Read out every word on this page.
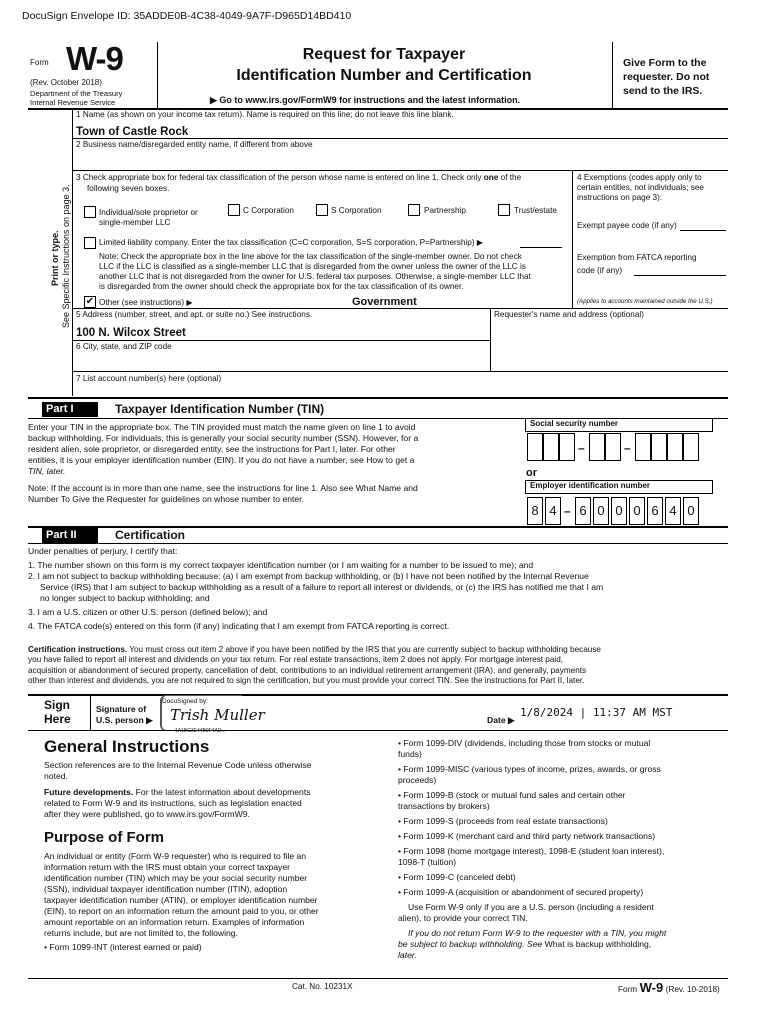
DocuSign Envelope ID: 35ADDE0B-4C38-4049-9A7F-D965D14BD410
Form W-9
(Rev. October 2018)
Department of the Treasury
Internal Revenue Service
Request for Taxpayer
Identification Number and Certification
▶ Go to www.irs.gov/FormW9 for instructions and the latest information.
Give Form to the
requester. Do not
send to the IRS.
Print or type. See Specific Instructions on page 3.
1 Name (as shown on your income tax return). Name is required on this line; do not leave this line blank.
Town of Castle Rock
2 Business name/disregarded entity name, if different from above
3 Check appropriate box for federal tax classification of the person whose name is entered on line 1. Check only one of the
following seven boxes.
Individual/sole proprietor or
single-member LLC
C Corporation	S Corporation	Partnership	Trust/estate
Limited liability company. Enter the tax classification (C=C corporation, S=S corporation, P=Partnership) ▶
Note: Check the appropriate box in the line above for the tax classification of the single-member owner. Do not check
LLC if the LLC is classified as a single-member LLC that is disregarded from the owner unless the owner of the LLC is
another LLC that is not disregarded from the owner for U.S. federal tax purposes. Otherwise, a single-member LLC that
is disregarded from the owner should check the appropriate box for the tax classification of its owner.
✔ Other (see instructions) ▶	Government
4 Exemptions (codes apply only to
certain entities, not individuals; see
instructions on page 3):
Exempt payee code (if any)
Exemption from FATCA reporting
code (if any)
(Applies to accounts maintained outside the U.S.)
5 Address (number, street, and apt. or suite no.) See instructions.
100 N. Wilcox Street
Requester's name and address (optional)
6 City, state, and ZIP code
7 List account number(s) here (optional)
Part I	Taxpayer Identification Number (TIN)
Enter your TIN in the appropriate box. The TIN provided must match the name given on line 1 to avoid
backup withholding. For individuals, this is generally your social security number (SSN). However, for a
resident alien, sole proprietor, or disregarded entity, see the instructions for Part I, later. For other
entities, it is your employer identification number (EIN). If you do not have a number, see How to get a
TIN, later.
Note: If the account is in more than one name, see the instructions for line 1. Also see What Name and
Number To Give the Requester for guidelines on whose number to enter.
Social security number
–	–
or
Employer identification number
8 4 – 6 0 0 0 6 4 0
Part II	Certification
Under penalties of perjury, I certify that:
1. The number shown on this form is my correct taxpayer identification number (or I am waiting for a number to be issued to me); and
2. I am not subject to backup withholding because: (a) I am exempt from backup withholding, or (b) I have not been notified by the Internal Revenue
Service (IRS) that I am subject to backup withholding as a result of a failure to report all interest or dividends, or (c) the IRS has notified me that I am
no longer subject to backup withholding; and
3. I am a U.S. citizen or other U.S. person (defined below); and
4. The FATCA code(s) entered on this form (if any) indicating that I am exempt from FATCA reporting is correct.
Certification instructions. You must cross out item 2 above if you have been notified by the IRS that you are currently subject to backup withholding because
you have failed to report all interest and dividends on your tax return. For real estate transactions, item 2 does not apply. For mortgage interest paid,
acquisition or abandonment of secured property, cancellation of debt, contributions to an individual retirement arrangement (IRA), and generally, payments
other than interest and dividends, you are not required to sign the certification, but you must provide your correct TIN. See the instructions for Part II, later.
Sign
Here
Signature of
U.S. person ▶
DocuSigned by:
Trish Muller
1A1BC3E44B0F4AD...
Date ▶
1/8/2024 | 11:37 AM MST
General Instructions
Section references are to the Internal Revenue Code unless otherwise
noted.
Future developments. For the latest information about developments
related to Form W-9 and its instructions, such as legislation enacted
after they were published, go to www.irs.gov/FormW9.
Purpose of Form
An individual or entity (Form W-9 requester) who is required to file an
information return with the IRS must obtain your correct taxpayer
identification number (TIN) which may be your social security number
(SSN), individual taxpayer identification number (ITIN), adoption
taxpayer identification number (ATIN), or employer identification number
(EIN), to report on an information return the amount paid to you, or other
amount reportable on an information return. Examples of information
returns include, but are not limited to, the following.
• Form 1099-INT (interest earned or paid)
• Form 1099-DIV (dividends, including those from stocks or mutual
funds)
• Form 1099-MISC (various types of income, prizes, awards, or gross
proceeds)
• Form 1099-B (stock or mutual fund sales and certain other
transactions by brokers)
• Form 1099-S (proceeds from real estate transactions)
• Form 1099-K (merchant card and third party network transactions)
• Form 1098 (home mortgage interest), 1098-E (student loan interest),
1098-T (tuition)
• Form 1099-C (canceled debt)
• Form 1099-A (acquisition or abandonment of secured property)
Use Form W-9 only if you are a U.S. person (including a resident
alien), to provide your correct TIN.
If you do not return Form W-9 to the requester with a TIN, you might
be subject to backup withholding. See What is backup withholding,
later.
Cat. No. 10231X	Form W-9 (Rev. 10-2018)
